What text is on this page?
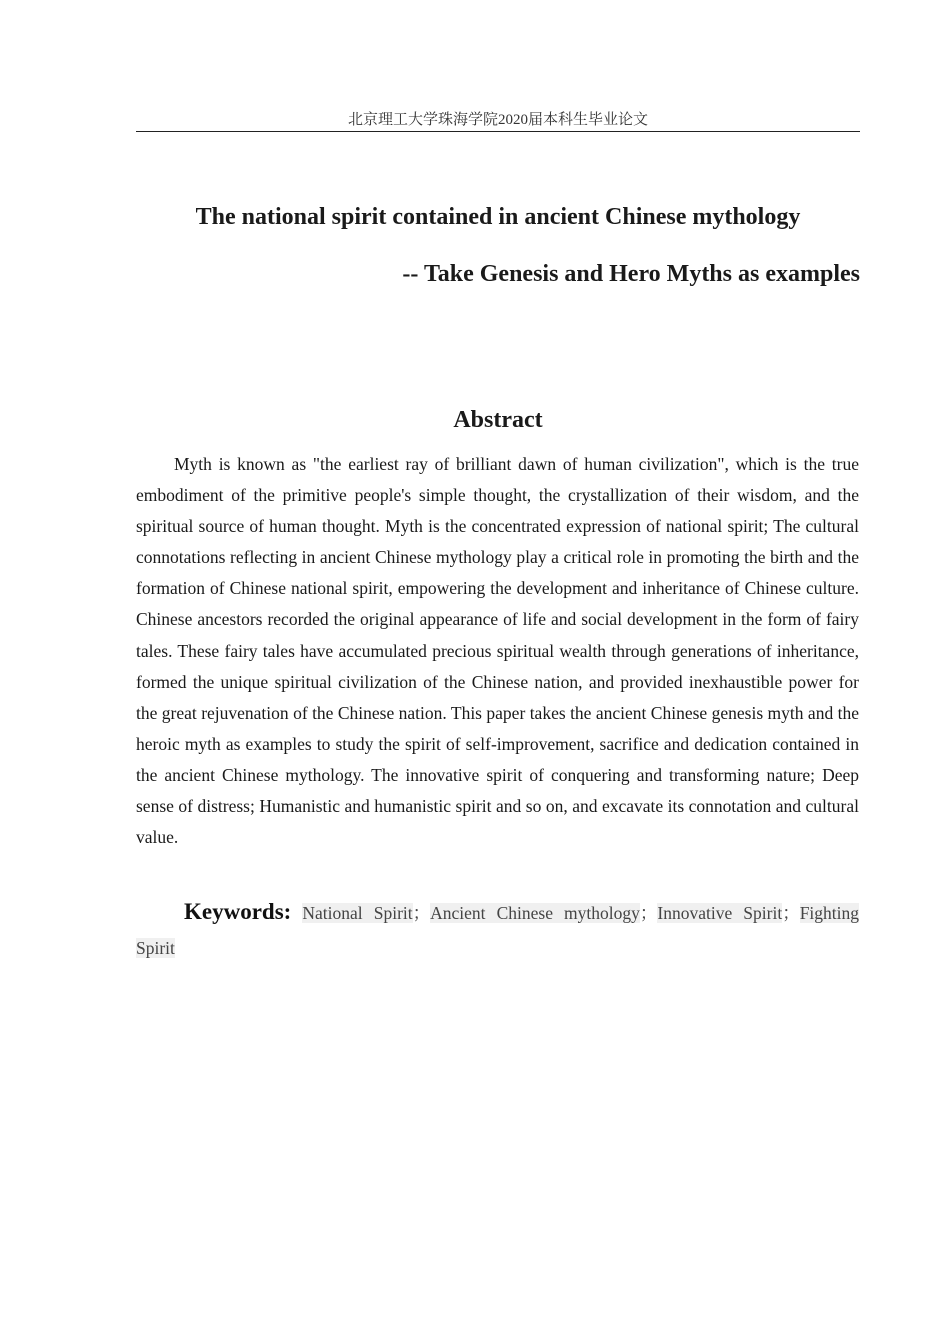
北京理工大学珠海学院2020届本科生毕业论文
The national spirit contained in ancient Chinese mythology
-- Take Genesis and Hero Myths as examples
Abstract

Myth is known as "the earliest ray of brilliant dawn of human civilization", which is the true embodiment of the primitive people's simple thought, the crystallization of their wisdom, and the spiritual source of human thought. Myth is the concentrated expression of national spirit; The cultural connotations reflecting in ancient Chinese mythology play a critical role in promoting the birth and the formation of Chinese national spirit, empowering the development and inheritance of Chinese culture. Chinese ancestors recorded the original appearance of life and social development in the form of fairy tales. These fairy tales have accumulated precious spiritual wealth through generations of inheritance, formed the unique spiritual civilization of the Chinese nation, and provided inexhaustible power for the great rejuvenation of the Chinese nation. This paper takes the ancient Chinese genesis myth and the heroic myth as examples to study the spirit of self-improvement, sacrifice and dedication contained in the ancient Chinese mythology. The innovative spirit of conquering and transforming nature; Deep sense of distress; Humanistic and humanistic spirit and so on, and excavate its connotation and cultural value.

Keywords: National Spirit；Ancient Chinese mythology；Innovative Spirit；Fighting Spirit
